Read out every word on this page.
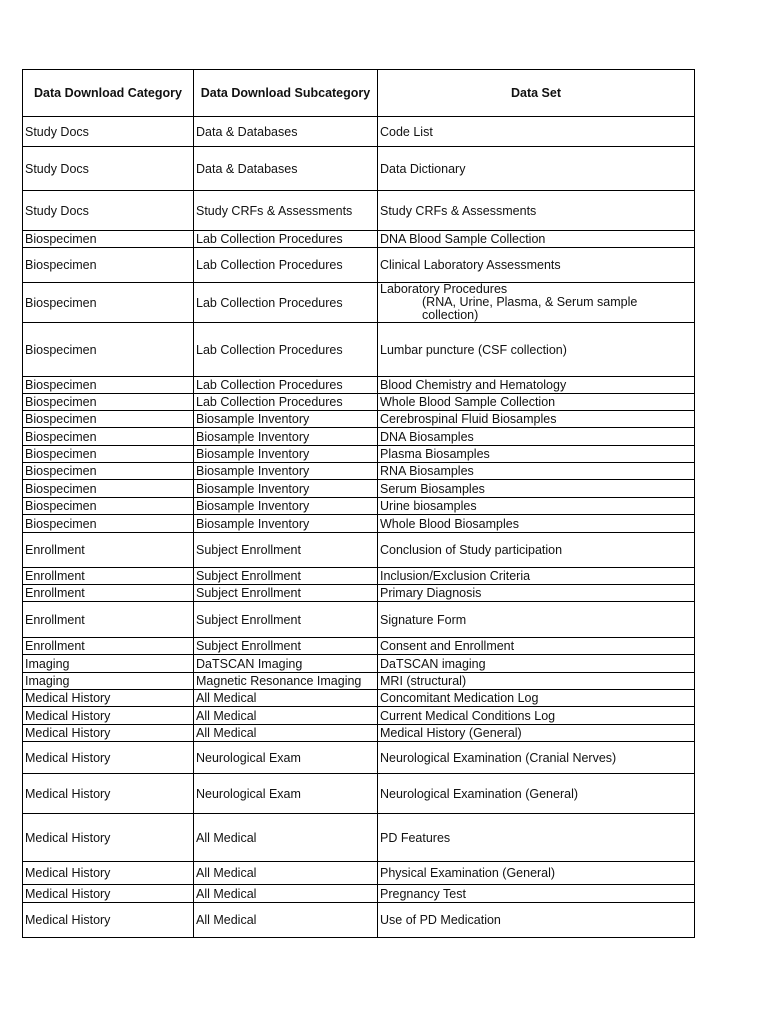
Data Download Category	Data Download Subcategory	Data Set
Study Docs	Data & Databases	Code List
Study Docs	Data & Databases	Data Dictionary
Study Docs	Study CRFs & Assessments	Study CRFs & Assessments
Biospecimen	Lab Collection Procedures	DNA Blood Sample Collection
Biospecimen	Lab Collection Procedures	Clinical Laboratory Assessments
Biospecimen	Lab Collection Procedures	Laboratory Procedures
(RNA, Urine, Plasma, & Serum sample collection)

Biospecimen	Lab Collection Procedures	Lumbar puncture (CSF collection)
Biospecimen	Lab Collection Procedures	Blood Chemistry and Hematology
Biospecimen	Lab Collection Procedures	Whole Blood Sample Collection
Biospecimen	Biosample Inventory	Cerebrospinal Fluid Biosamples
Biospecimen	Biosample Inventory	DNA Biosamples
Biospecimen	Biosample Inventory	Plasma Biosamples
Biospecimen	Biosample Inventory	RNA Biosamples
Biospecimen	Biosample Inventory	Serum Biosamples
Biospecimen	Biosample Inventory	Urine biosamples
Biospecimen	Biosample Inventory	Whole Blood Biosamples
Enrollment	Subject Enrollment	Conclusion of Study participation
Enrollment	Subject Enrollment	Inclusion/Exclusion Criteria
Enrollment	Subject Enrollment	Primary Diagnosis
Enrollment	Subject Enrollment	Signature Form
Enrollment	Subject Enrollment	Consent and Enrollment
Imaging	DaTSCAN Imaging	DaTSCAN imaging
Imaging	Magnetic Resonance Imaging	MRI (structural)
Medical History	All Medical	Concomitant Medication Log
Medical History	All Medical	Current Medical Conditions Log
Medical History	All Medical	Medical History (General)
Medical History	Neurological Exam	Neurological Examination (Cranial Nerves)
Medical History	Neurological Exam	Neurological Examination (General)
Medical History	All Medical	PD Features
Medical History	All Medical	Physical Examination (General)
Medical History	All Medical	Pregnancy Test
Medical History	All Medical	Use of PD Medication
